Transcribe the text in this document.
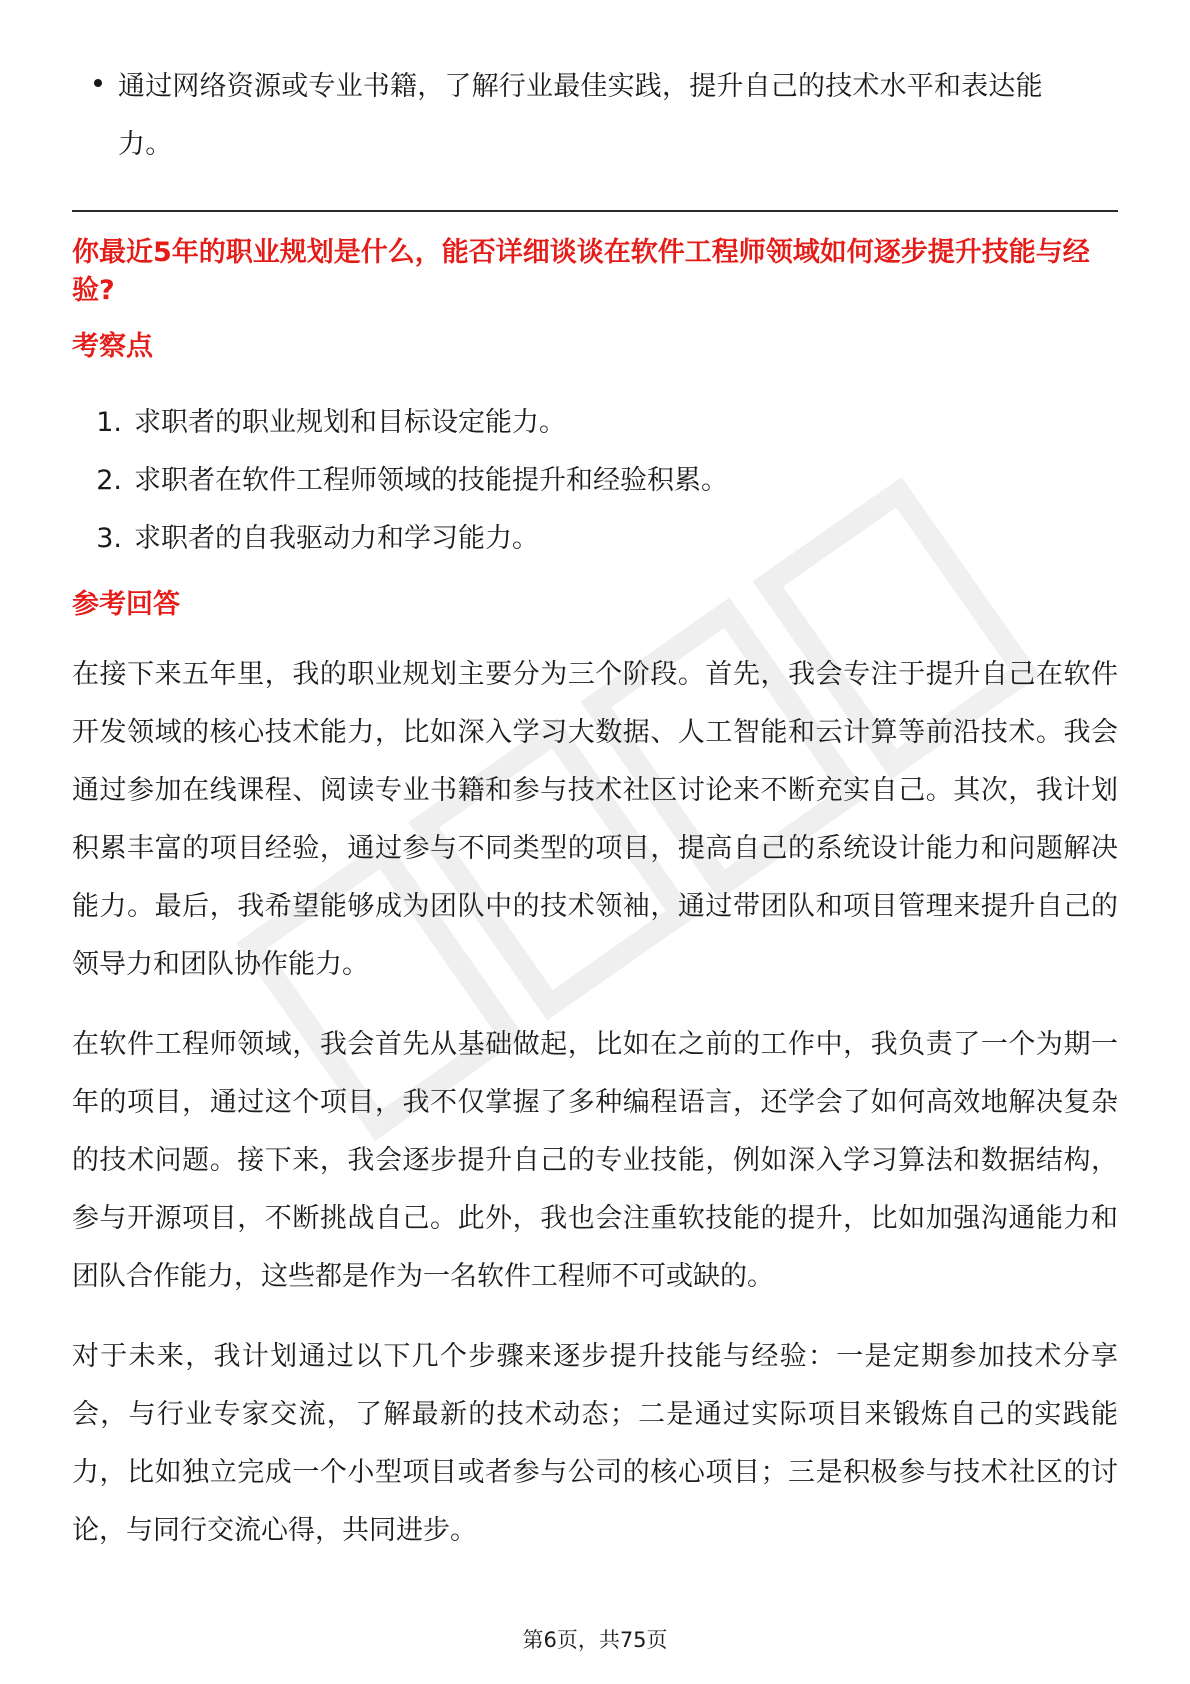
通过网络资源或专业书籍，了解行业最佳实践，提升自己的技术水平和表达能力。
你最近5年的职业规划是什么，能否详细谈谈在软件工程师领域如何逐步提升技能与经验?
考察点
1. 求职者的职业规划和目标设定能力。
2. 求职者在软件工程师领域的技能提升和经验积累。
3. 求职者的自我驱动力和学习能力。
参考回答
在接下来五年里，我的职业规划主要分为三个阶段。首先，我会专注于提升自己在软件开发领域的核心技术能力，比如深入学习大数据、人工智能和云计算等前沿技术。我会通过参加在线课程、阅读专业书籍和参与技术社区讨论来不断充实自己。其次，我计划积累丰富的项目经验，通过参与不同类型的项目，提高自己的系统设计能力和问题解决能力。最后，我希望能够成为团队中的技术领袖，通过带团队和项目管理来提升自己的领导力和团队协作能力。
在软件工程师领域，我会首先从基础做起，比如在之前的工作中，我负责了一个为期一年的项目，通过这个项目，我不仅掌握了多种编程语言，还学会了如何高效地解决复杂的技术问题。接下来，我会逐步提升自己的专业技能，例如深入学习算法和数据结构，参与开源项目，不断挑战自己。此外，我也会注重软技能的提升，比如加强沟通能力和团队合作能力，这些都是作为一名软件工程师不可或缺的。
对于未来，我计划通过以下几个步骤来逐步提升技能与经验：一是定期参加技术分享会，与行业专家交流，了解最新的技术动态；二是通过实际项目来锻炼自己的实践能力，比如独立完成一个小型项目或者参与公司的核心项目；三是积极参与技术社区的讨论，与同行交流心得，共同进步。
第6页，共75页
